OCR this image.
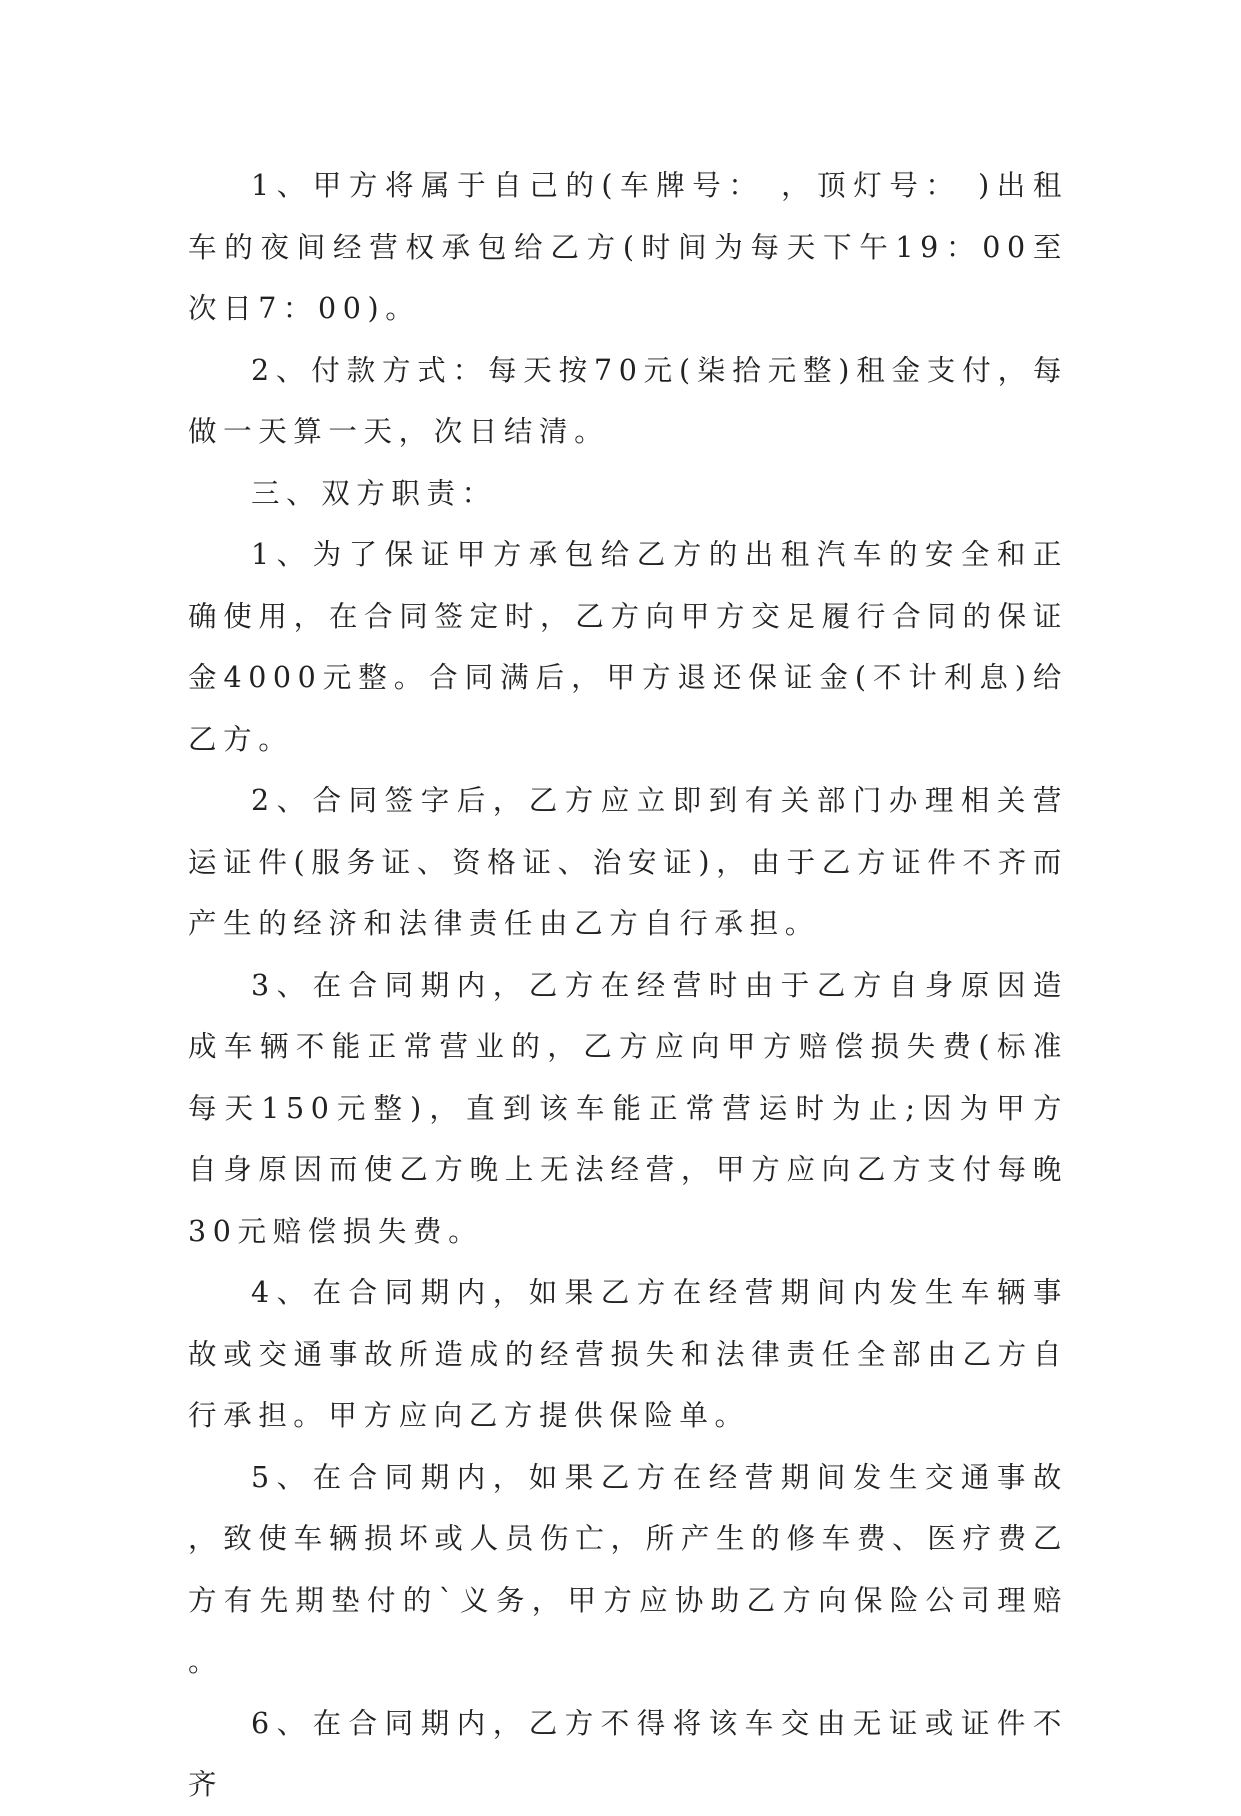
1、甲方将属于自己的(车牌号： ，顶灯号： )出租车的夜间经营权承包给乙方(时间为每天下午19：00至次日7：00)。

2、付款方式：每天按70元(柒拾元整)租金支付，每做一天算一天，次日结清。

三、双方职责：

1、为了保证甲方承包给乙方的出租汽车的安全和正确使用，在合同签定时，乙方向甲方交足履行合同的保证金4000元整。合同满后，甲方退还保证金(不计利息)给乙方。

2、合同签字后，乙方应立即到有关部门办理相关营运证件(服务证、资格证、治安证)，由于乙方证件不齐而产生的经济和法律责任由乙方自行承担。

3、在合同期内，乙方在经营时由于乙方自身原因造成车辆不能正常营业的，乙方应向甲方赔偿损失费(标准每天150元整)，直到该车能正常营运时为止;因为甲方自身原因而使乙方晚上无法经营，甲方应向乙方支付每晚30元赔偿损失费。

4、在合同期内，如果乙方在经营期间内发生车辆事故或交通事故所造成的经营损失和法律责任全部由乙方自行承担。甲方应向乙方提供保险单。

5、在合同期内，如果乙方在经营期间发生交通事故，致使车辆损坏或人员伤亡，所产生的修车费、医疗费乙方有先期垫付的`义务，甲方应协助乙方向保险公司理赔。

6、在合同期内，乙方不得将该车交由无证或证件不齐
